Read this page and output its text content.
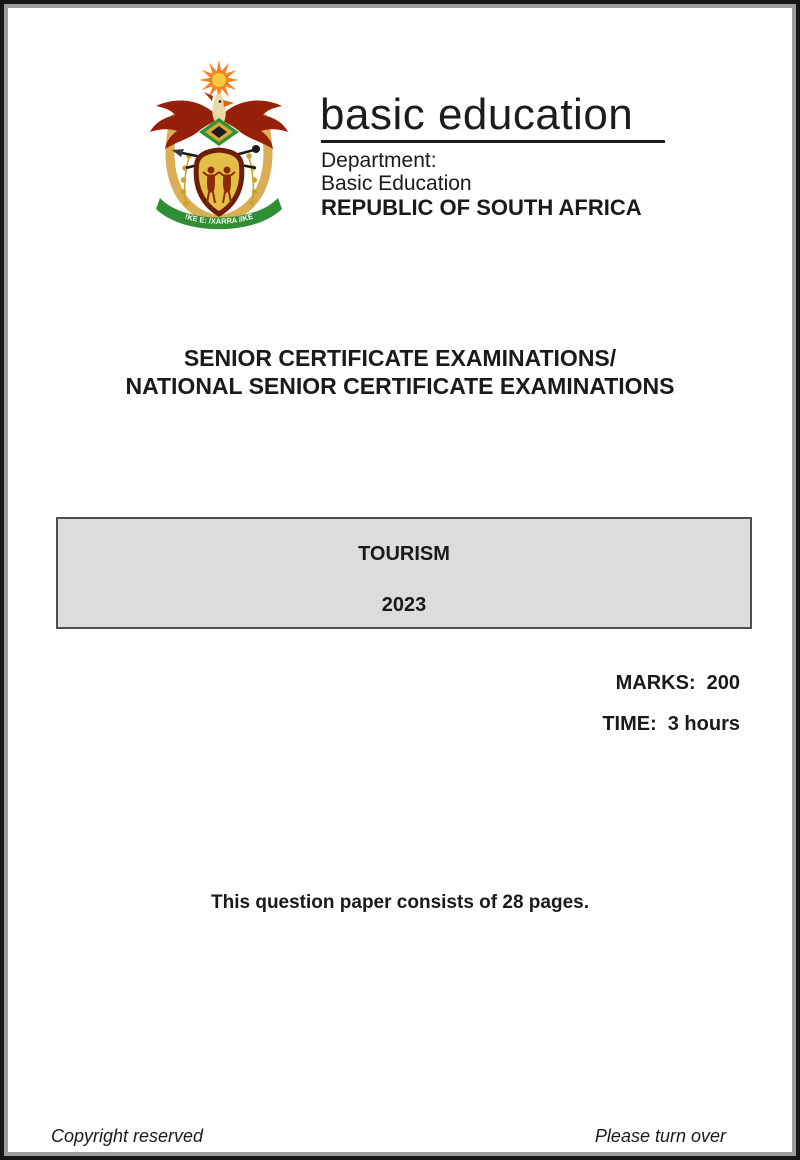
!KE E: /XARRA //KE
basic education
Department:
Basic Education
REPUBLIC OF SOUTH AFRICA
SENIOR CERTIFICATE EXAMINATIONS/
NATIONAL SENIOR CERTIFICATE EXAMINATIONS
TOURISM
2023
MARKS: 200
TIME: 3 hours
This question paper consists of 28 pages.
Copyright reserved	Please turn over
